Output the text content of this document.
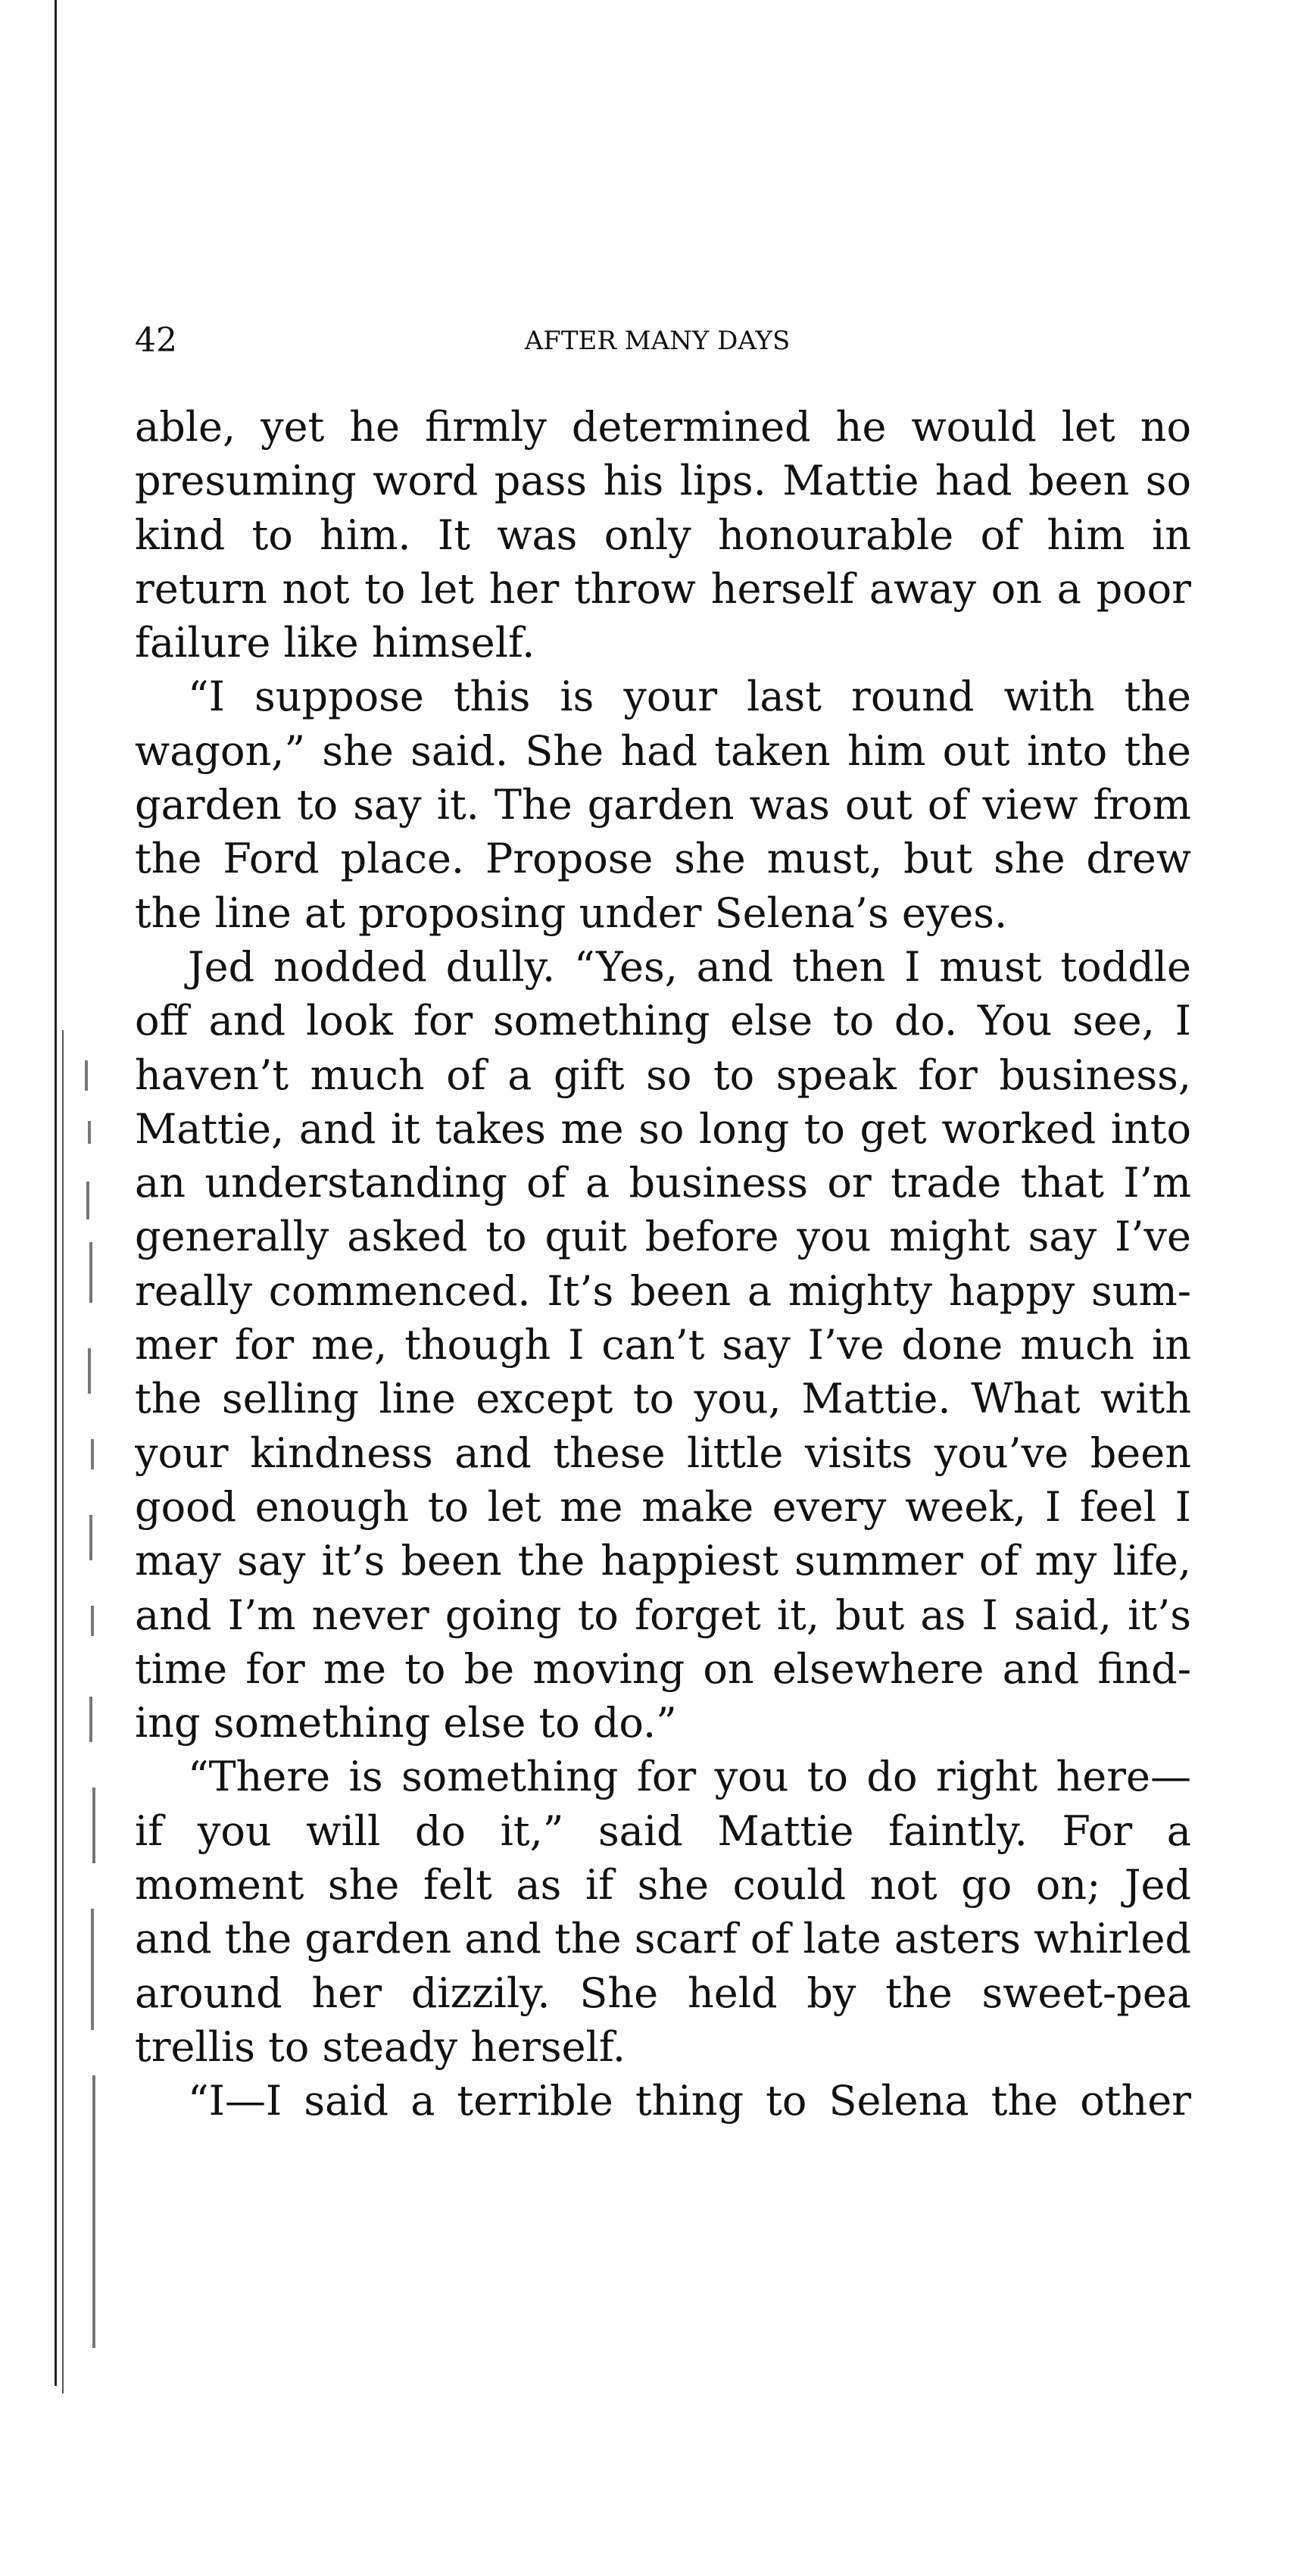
42	AFTER MANY DAYS
able, yet he firmly determined he would let no
presuming word pass his lips. Mattie had been so
kind to him. It was only honourable of him in
return not to let her throw herself away on a poor
failure like himself.
“I suppose this is your last round with the
wagon,” she said. She had taken him out into the
garden to say it. The garden was out of view from
the Ford place. Propose she must, but she drew
the line at proposing under Selena’s eyes.
Jed nodded dully. “Yes, and then I must toddle
off and look for something else to do. You see, I
haven’t much of a gift so to speak for business,
Mattie, and it takes me so long to get worked into
an understanding of a business or trade that I’m
generally asked to quit before you might say I’ve
really commenced. It’s been a mighty happy sum-
mer for me, though I can’t say I’ve done much in
the selling line except to you, Mattie. What with
your kindness and these little visits you’ve been
good enough to let me make every week, I feel I
may say it’s been the happiest summer of my life,
and I’m never going to forget it, but as I said, it’s
time for me to be moving on elsewhere and find-
ing something else to do.”
“There is something for you to do right here—
if you will do it,” said Mattie faintly. For a
moment she felt as if she could not go on; Jed
and the garden and the scarf of late asters whirled
around her dizzily. She held by the sweet-pea
trellis to steady herself.
“I—I said a terrible thing to Selena the other
